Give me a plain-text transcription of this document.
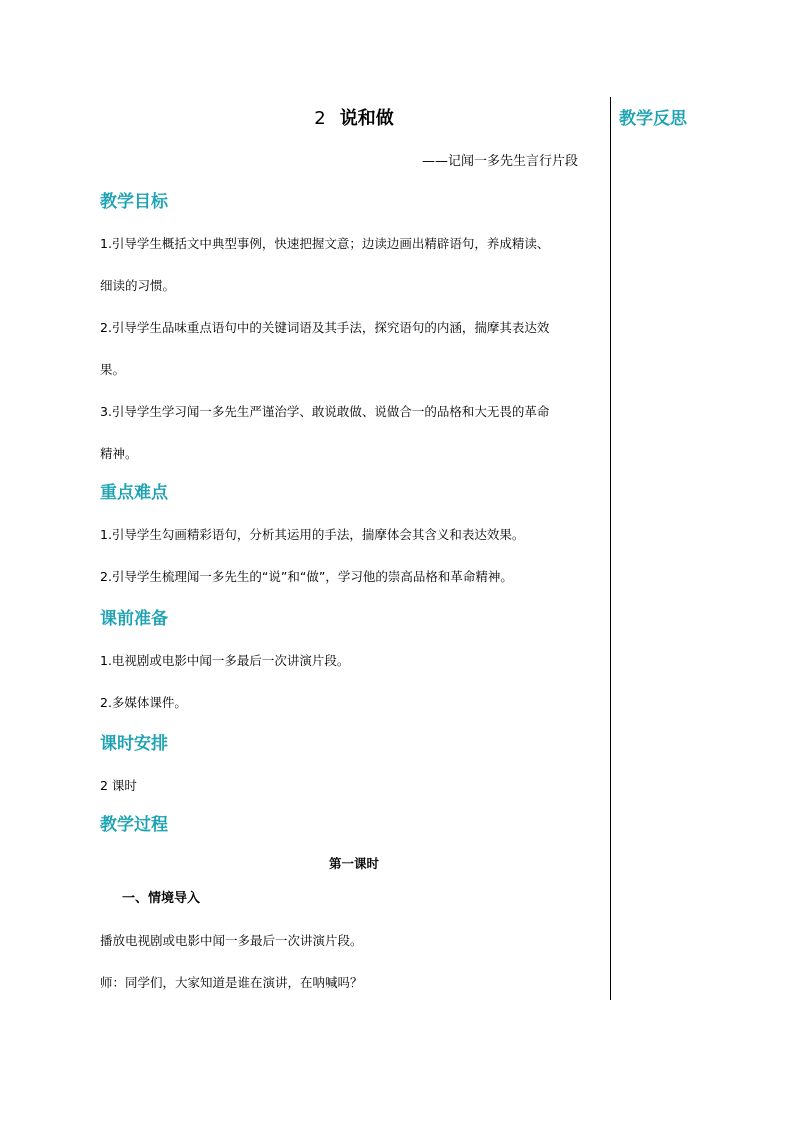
教学反思
2 说和做
——记闻一多先生言行片段
教学目标
1.引导学生概括文中典型事例，快速把握文意；边读边画出精辟语句，养成精读、
细读的习惯。
2.引导学生品味重点语句中的关键词语及其手法，探究语句的内涵，揣摩其表达效
果。
3.引导学生学习闻一多先生严谨治学、敢说敢做、说做合一的品格和大无畏的革命
精神。
重点难点
1.引导学生勾画精彩语句，分析其运用的手法，揣摩体会其含义和表达效果。
2.引导学生梳理闻一多先生的“说”和“做”，学习他的崇高品格和革命精神。
课前准备
1.电视剧或电影中闻一多最后一次讲演片段。
2.多媒体课件。
课时安排
2 课时
教学过程
第一课时
一、情境导入
播放电视剧或电影中闻一多最后一次讲演片段。
师：同学们，大家知道是谁在演讲，在呐喊吗？
